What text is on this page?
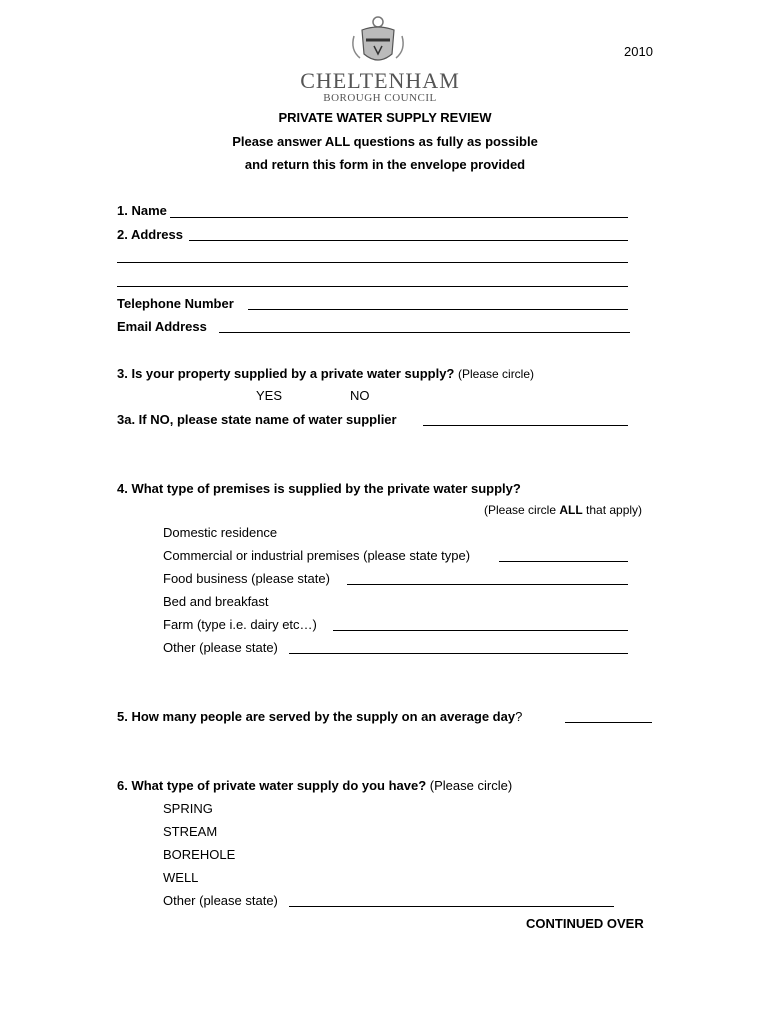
CHELTENHAM
BOROUGH COUNCIL
2010
PRIVATE WATER SUPPLY REVIEW
Please answer ALL questions as fully as possible
and return this form in the envelope provided
1. Name
2. Address
Telephone Number
Email Address
3. Is your property supplied by a private water supply? (Please circle)
YES	NO
3a. If NO, please state name of water supplier
4. What type of premises is supplied by the private water supply?
(Please circle ALL that apply)
Domestic residence
Commercial or industrial premises (please state type)
Food business (please state)
Bed and breakfast
Farm (type i.e. dairy etc…)
Other (please state)
5. How many people are served by the supply on an average day?
6. What type of private water supply do you have? (Please circle)
SPRING
STREAM
BOREHOLE
WELL
Other (please state)
CONTINUED OVER
